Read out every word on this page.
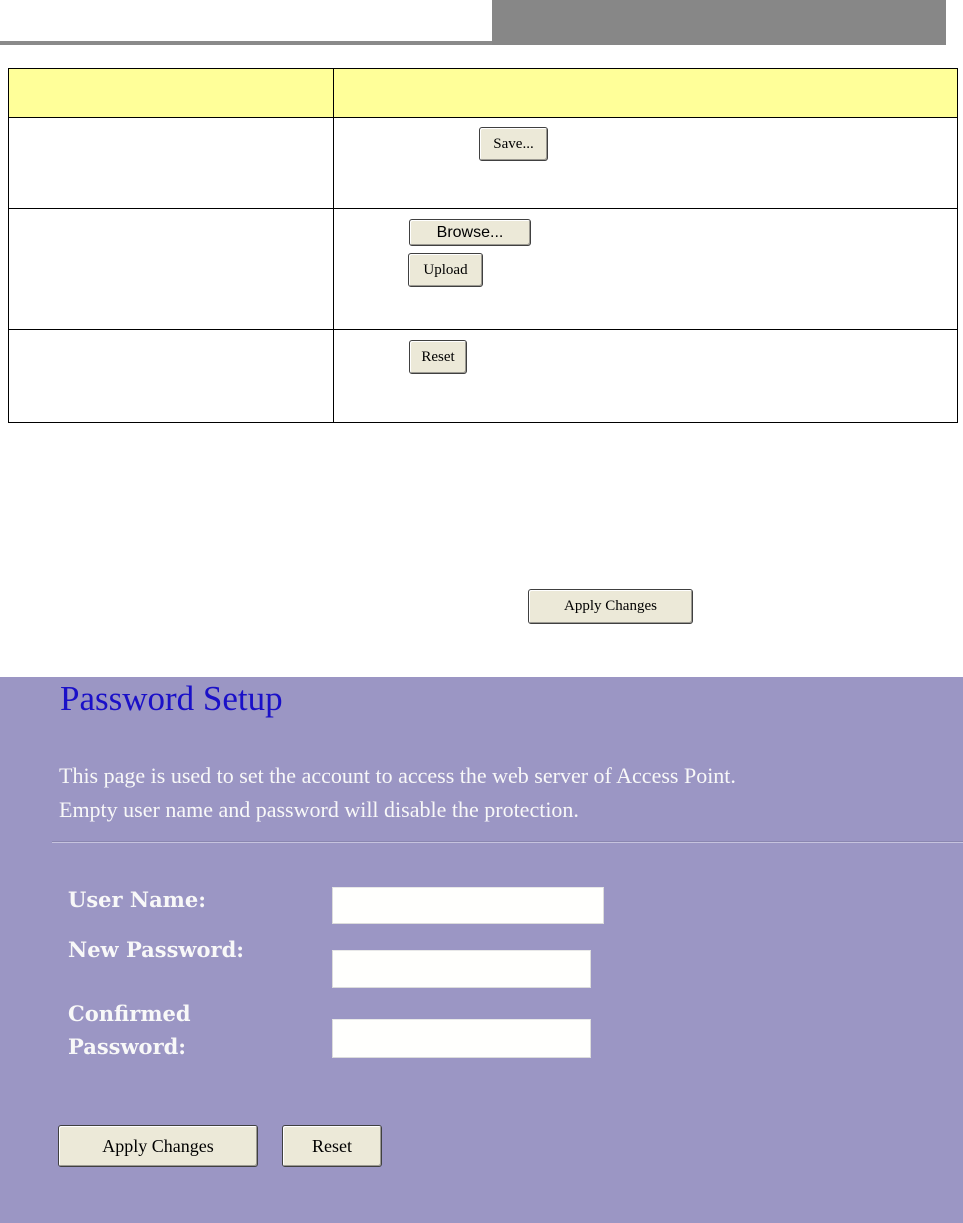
	Save...

	Browse...
Upload

	Reset
Apply Changes
Password Setup

This page is used to set the account to access the web server of Access Point.
Empty user name and password will disable the protection.

User Name:
New Password:
Confirmed Password:
Apply Changes	Reset
